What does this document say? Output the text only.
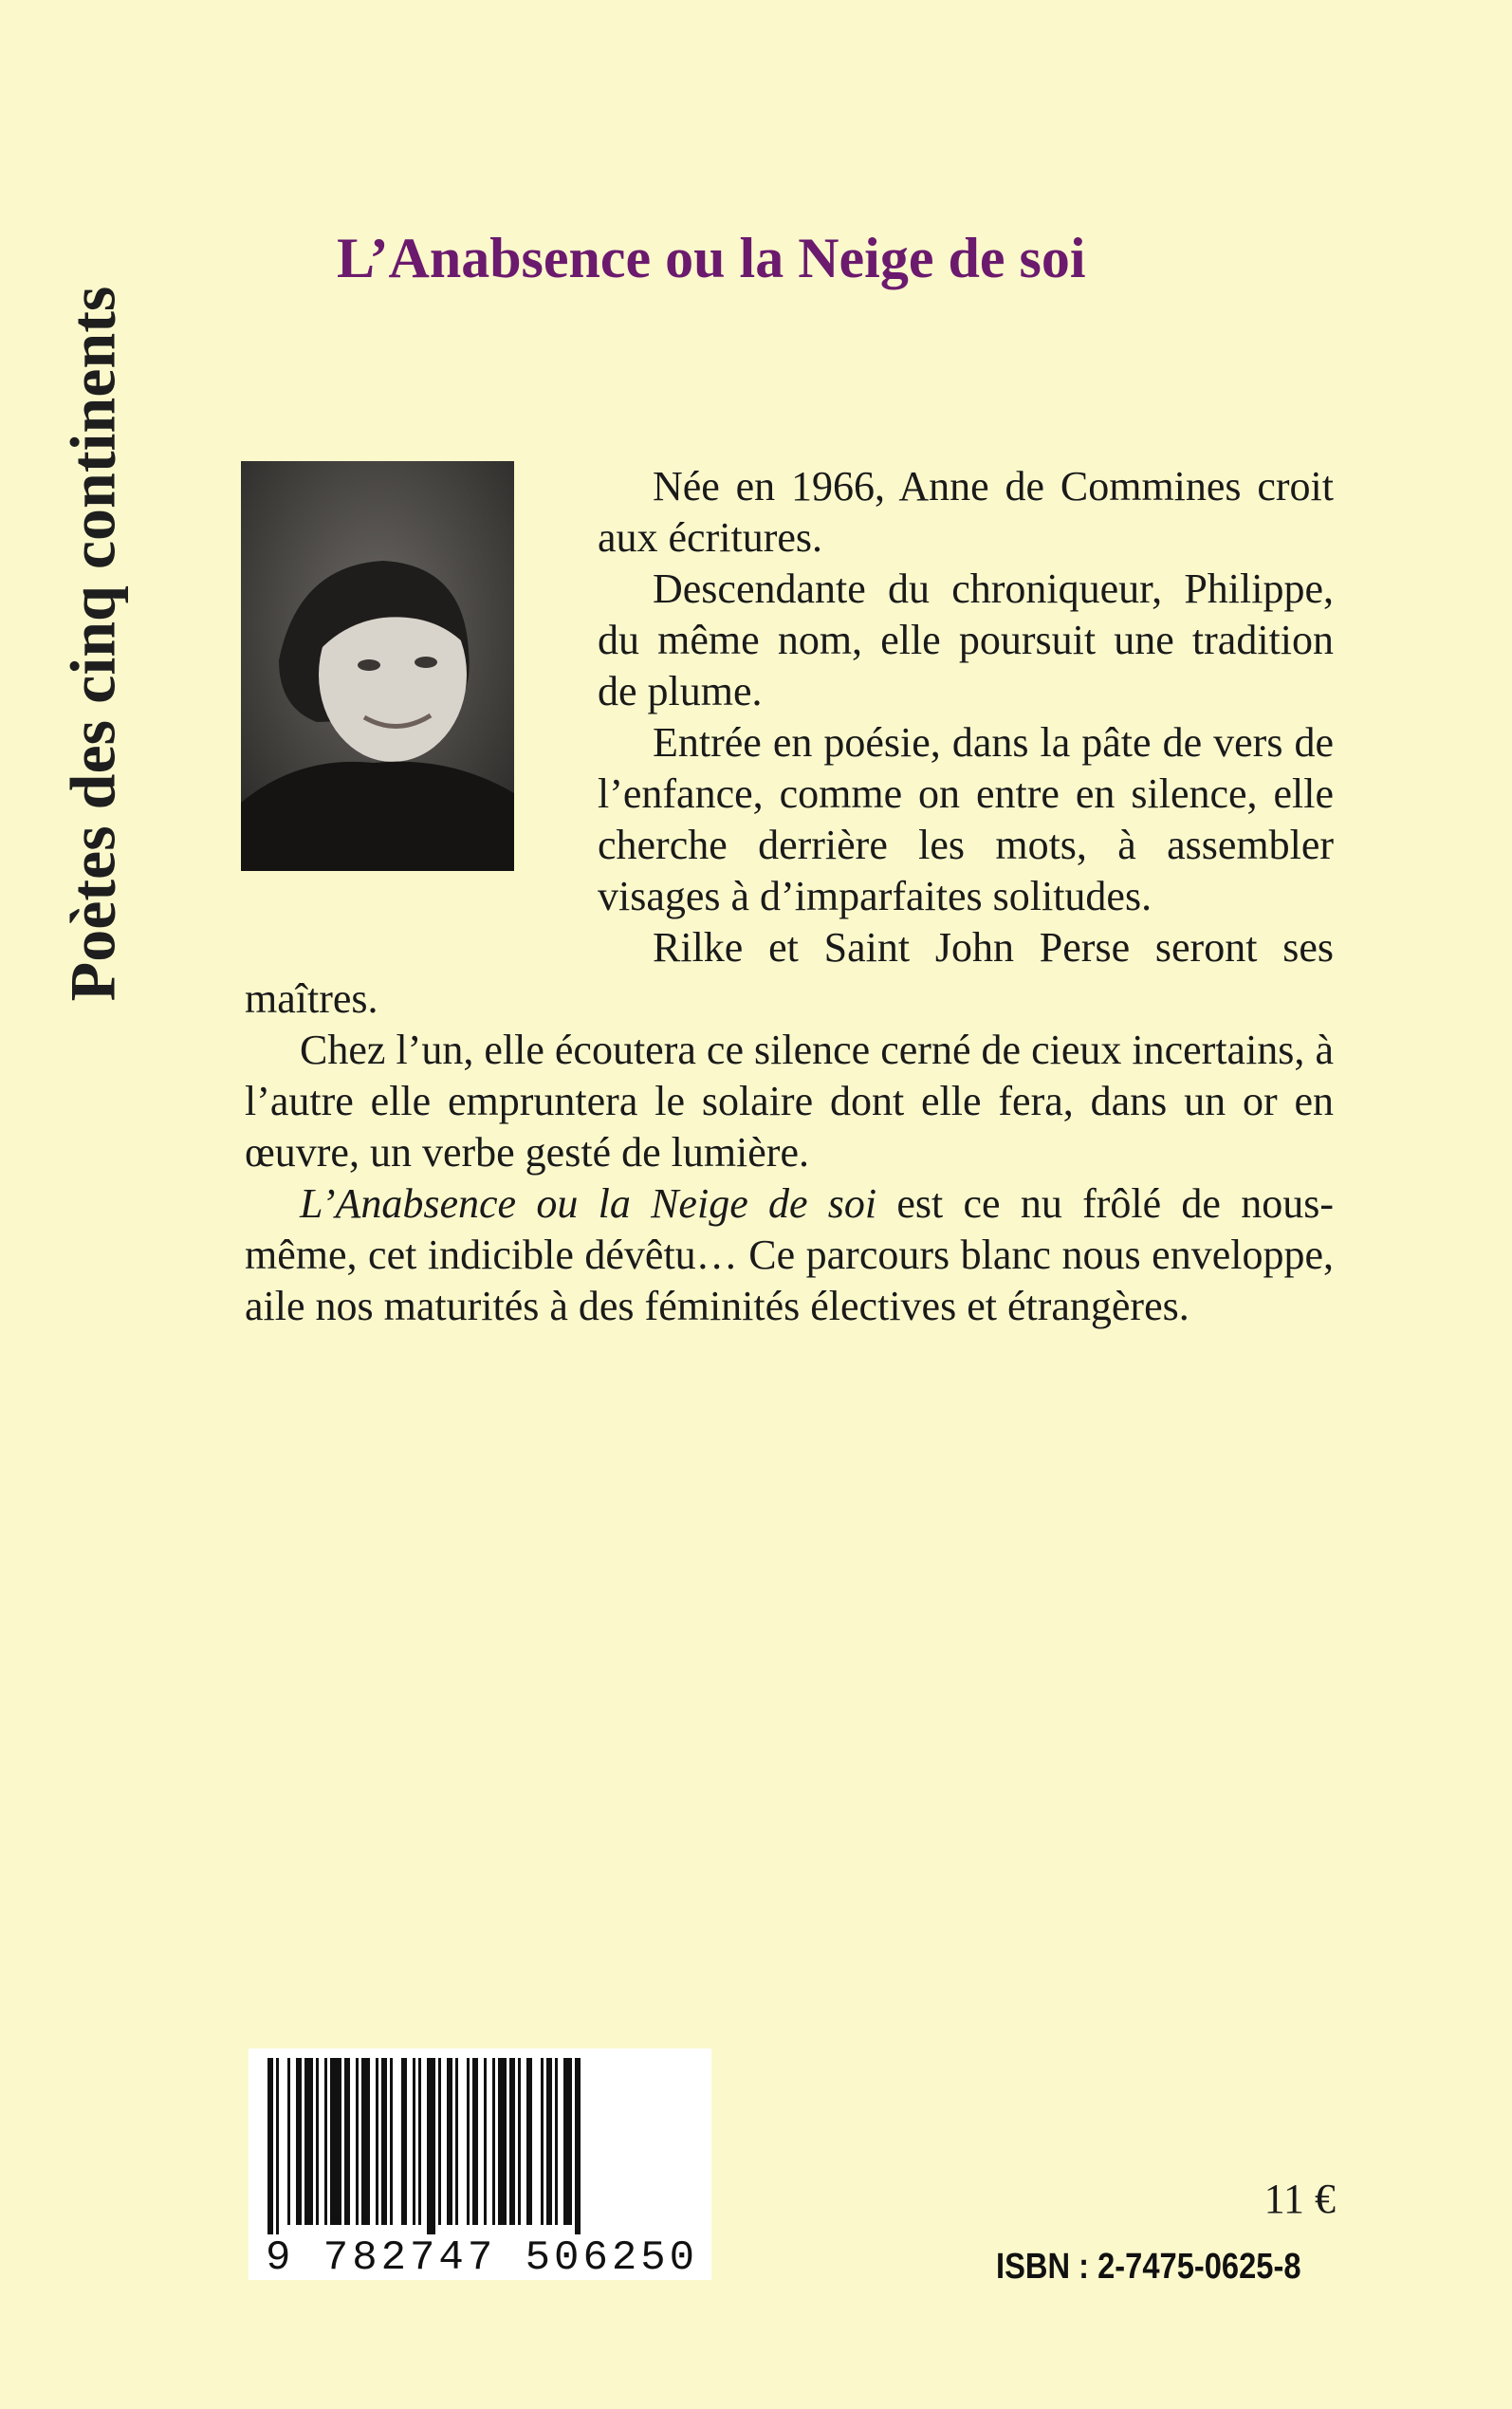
Poètes des cinq continents
L’Anabsence ou la Neige de soi

Née en 1966, Anne de Commines croit aux écritures.

Descendante du chroniqueur, Philippe, du même nom, elle poursuit une tradition de plume.

Entrée en poésie, dans la pâte de vers de l’enfance, comme on entre en silence, elle cherche derrière les mots, à assembler visages à d’imparfaites solitudes.

Rilke et Saint John Perse seront ses maîtres.

Chez l’un, elle écoutera ce silence cerné de cieux incertains, à l’autre elle empruntera le solaire dont elle fera, dans un or en œuvre, un verbe gesté de lumière.

L’Anabsence ou la Neige de soi est ce nu frôlé de nous-même, cet indicible dévêtu… Ce parcours blanc nous enveloppe, aile nos maturités à des féminités électives et étrangères.

9 782747 506250
11 €
ISBN : 2-7475-0625-8
